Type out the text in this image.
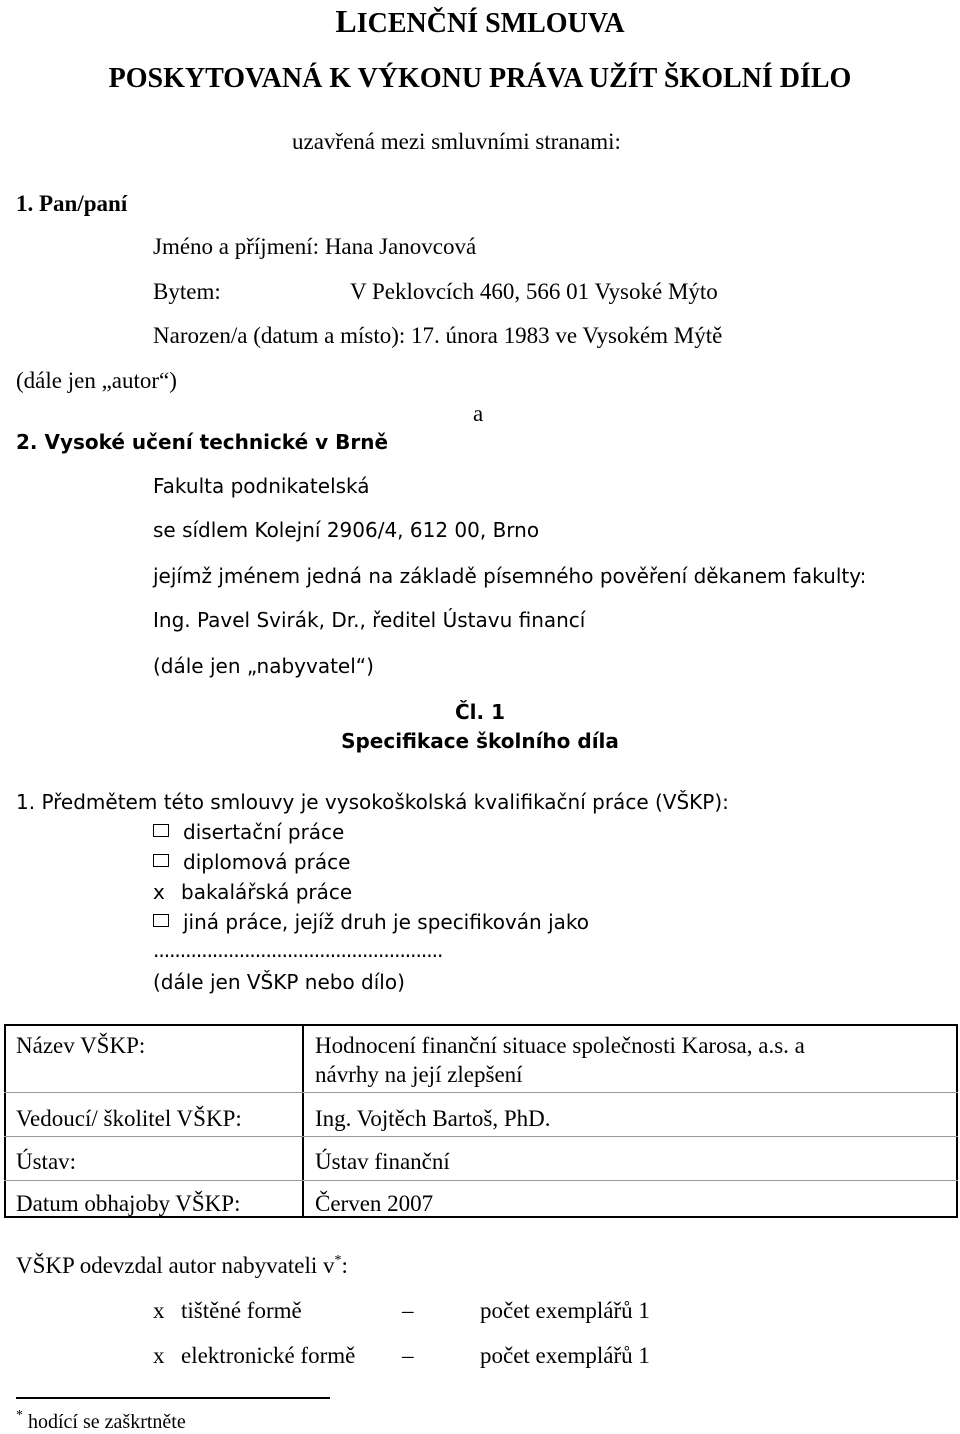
LICENČNÍ SMLOUVA
POSKYTOVANÁ K VÝKONU PRÁVA UŽÍT ŠKOLNÍ DÍLO
uzavřená mezi smluvními stranami:
1. Pan/paní
Jméno a příjmení: Hana Janovcová
Bytem:	V Peklovcích 460, 566 01 Vysoké Mýto
Narozen/a (datum a místo): 17. února 1983 ve Vysokém Mýtě
(dále jen „autor“)
a
2. Vysoké učení technické v Brně
Fakulta podnikatelská
se sídlem Kolejní 2906/4, 612 00, Brno
jejímž jménem jedná na základě písemného pověření děkanem fakulty:
Ing. Pavel Svirák, Dr., ředitel Ústavu financí
(dále jen „nabyvatel“)
Čl. 1
Specifikace školního díla
1. Předmětem této smlouvy je vysokoškolská kvalifikační práce (VŠKP):
disertační práce
diplomová práce
x bakalářská práce
jiná práce, jejíž druh je specifikován jako
......................................................
(dále jen VŠKP nebo dílo)
Název VŠKP:	Hodnocení finanční situace společnosti Karosa, a.s. a
návrhy na její zlepšení
Vedoucí/ školitel VŠKP:	Ing. Vojtěch Bartoš, PhD.
Ústav:	Ústav finanční
Datum obhajoby VŠKP:	Červen 2007
VŠKP odevzdal autor nabyvateli v*:
x tištěné formě	–	počet exemplářů 1
x elektronické formě –	počet exemplářů 1
* hodící se zaškrtněte
